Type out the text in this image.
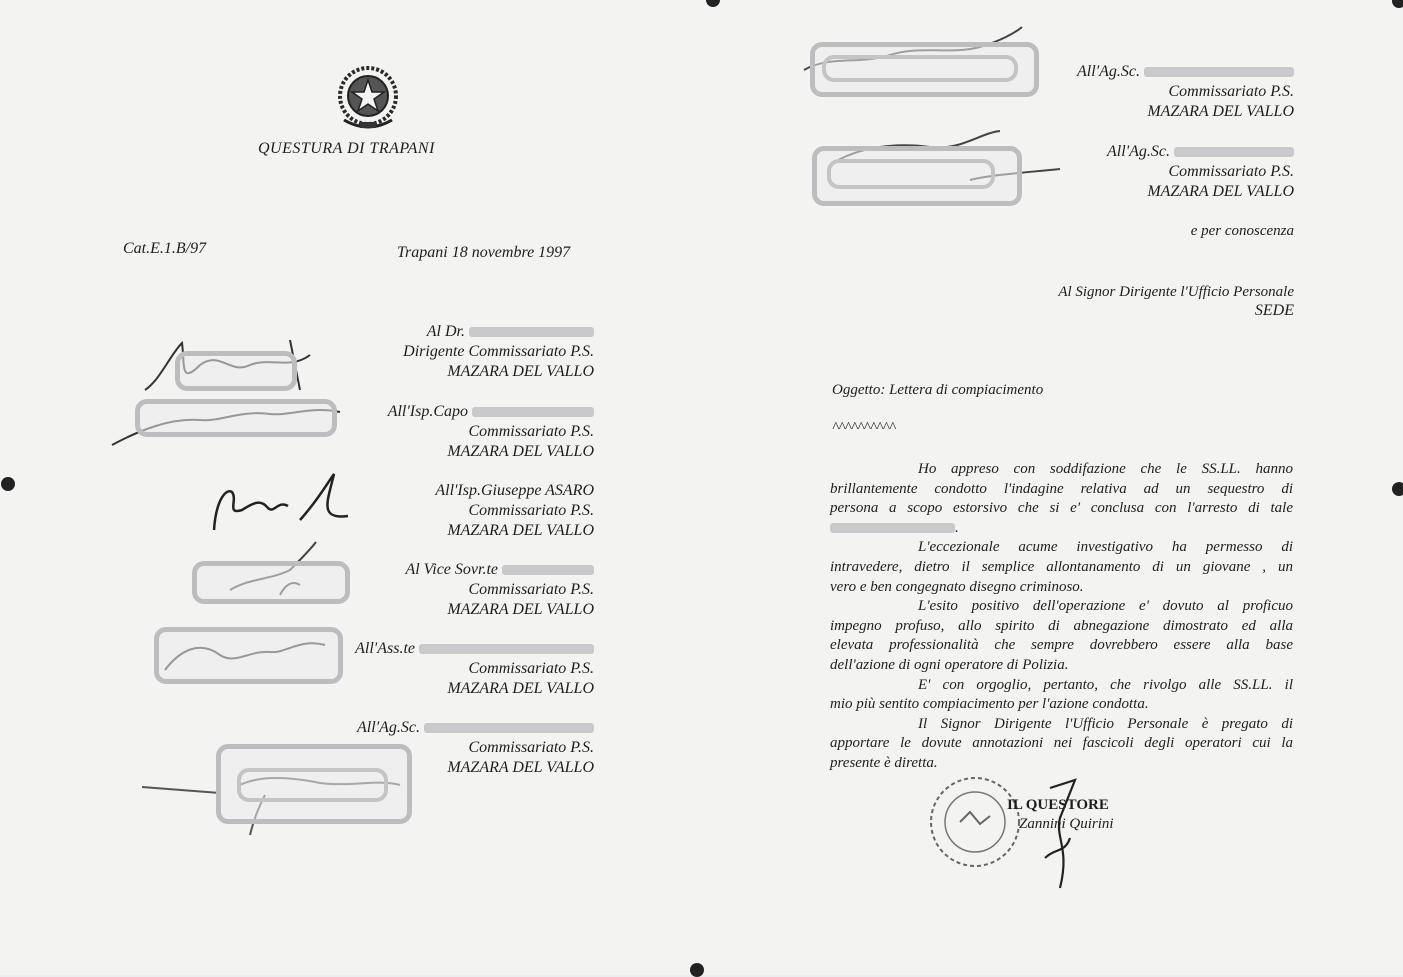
QUESTURA DI TRAPANI
Cat.E.1.B/97	Trapani 18 novembre 1997
Al Dr.
Dirigente Commissariato P.S.
MAZARA DEL VALLO
All'Isp.Capo
Commissariato P.S.
MAZARA DEL VALLO
All'Isp.Giuseppe ASARO
Commissariato P.S.
MAZARA DEL VALLO
Al Vice Sovr.te
Commissariato P.S.
MAZARA DEL VALLO
All'Ass.te
Commissariato P.S.
MAZARA DEL VALLO
All'Ag.Sc.
Commissariato P.S.
MAZARA DEL VALLO
All'Ag.Sc.
Commissariato P.S.
MAZARA DEL VALLO
All'Ag.Sc.
Commissariato P.S.
MAZARA DEL VALLO
e per conoscenza
Al Signor Dirigente l'Ufficio Personale
SEDE
Oggetto: Lettera di compiacimento
^^^^^^^^^^
Ho appreso con soddifazione che le SS.LL. hanno
brillantemente condotto l'indagine relativa ad un sequestro di
persona a scopo estorsivo che si e' conclusa con l'arresto di tale
.
L'eccezionale acume investigativo ha permesso di
intravedere, dietro il semplice allontanamento di un giovane , un
vero e ben congegnato disegno criminoso.
L'esito positivo dell'operazione e' dovuto al proficuo
impegno profuso, allo spirito di abnegazione dimostrato ed alla
elevata professionalità che sempre dovrebbero essere alla base
dell'azione di ogni operatore di Polizia.
E' con orgoglio, pertanto, che rivolgo alle SS.LL. il
mio più sentito compiacimento per l'azione condotta.
Il Signor Dirigente l'Ufficio Personale è pregato di
apportare le dovute annotazioni nei fascicoli degli operatori cui la
presente è diretta.
IL QUESTORE
Zannini Quirini
